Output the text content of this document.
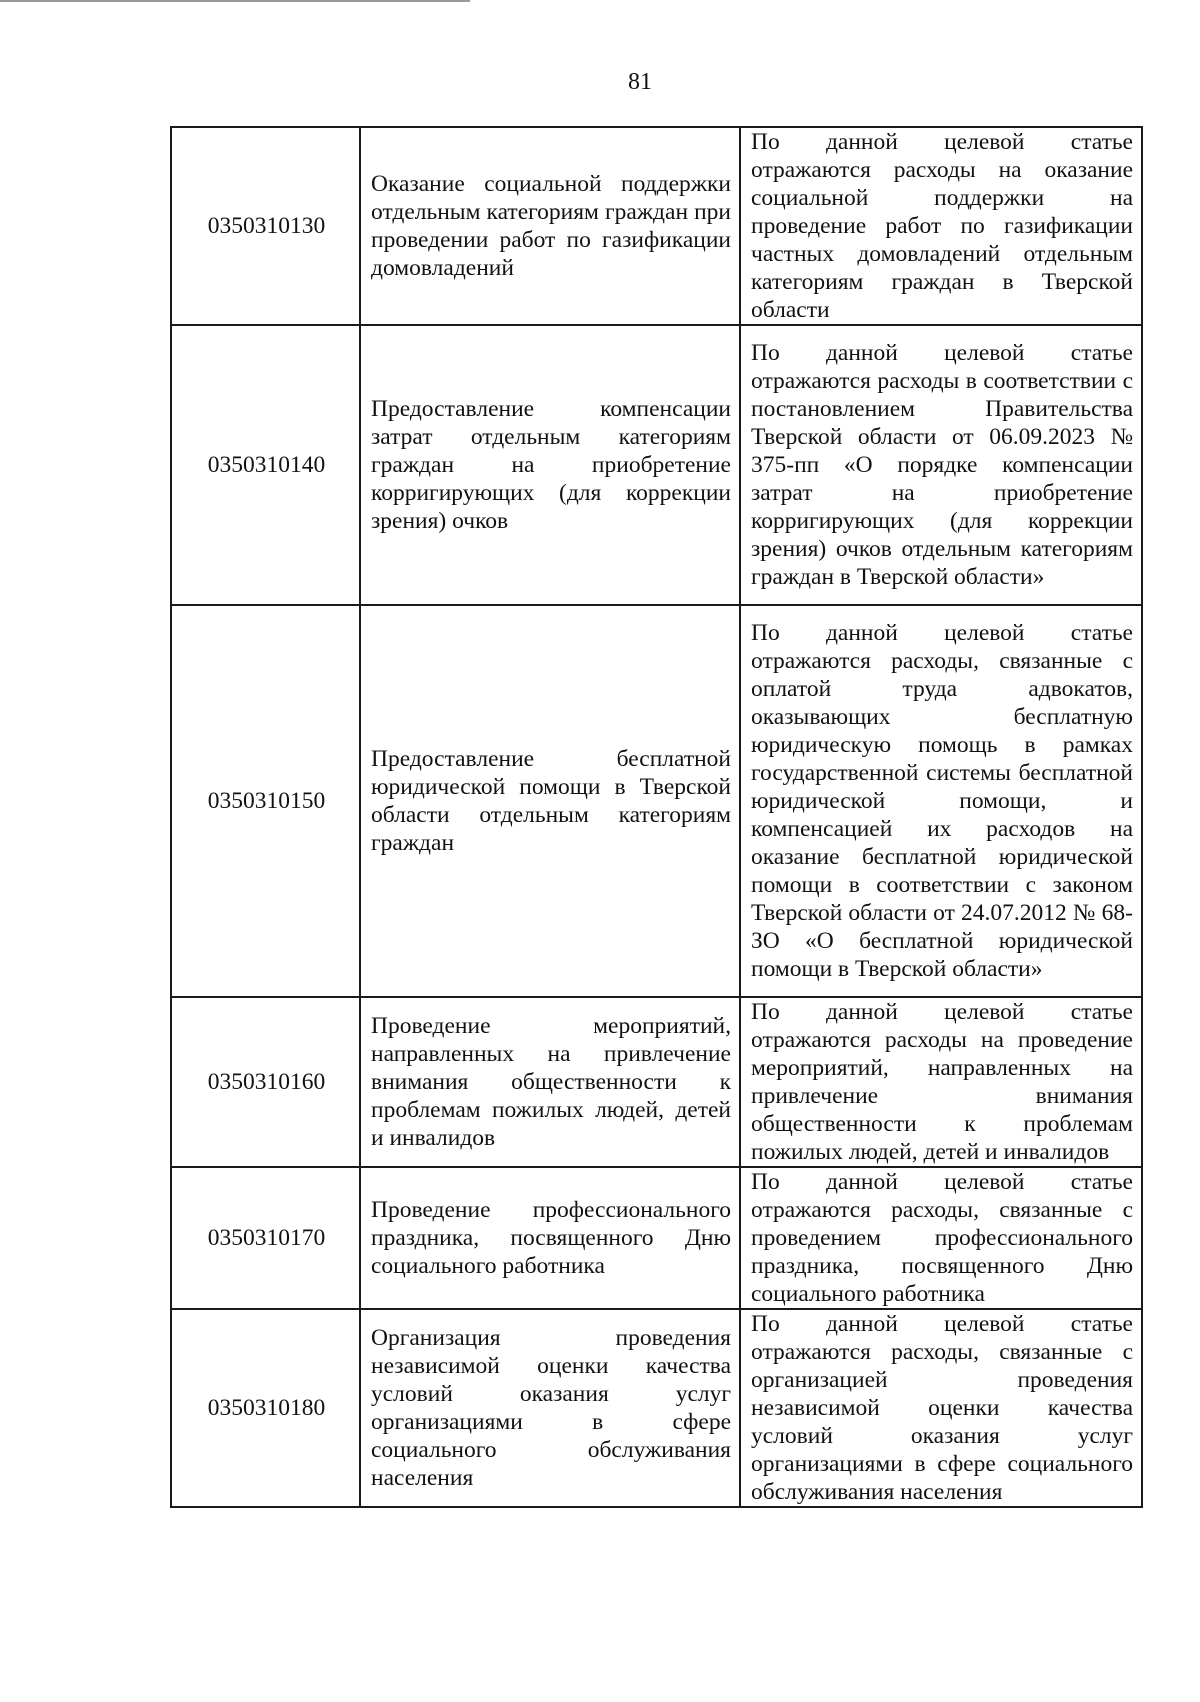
81
0350310130	Оказание социальной поддержки отдельным категориям граждан при проведении работ по газификации домовладений	По данной целевой статье отражаются расходы на оказание социальной поддержки на проведение работ по газификации частных домовладений отдельным категориям граждан в Тверской области
0350310140	Предоставление компенсации затрат отдельным категориям граждан на приобретение корригирующих (для коррекции зрения) очков	По данной целевой статье отражаются расходы в соответствии с постановлением Правительства Тверской области от 06.09.2023 № 375-пп «О порядке компенсации затрат на приобретение корригирующих (для коррекции зрения) очков отдельным категориям граждан в Тверской области»
0350310150	Предоставление бесплатной юридической помощи в Тверской области отдельным категориям граждан	По данной целевой статье отражаются расходы, связанные с оплатой труда адвокатов, оказывающих бесплатную юридическую помощь в рамках государственной системы бесплатной юридической помощи, и компенсацией их расходов на оказание бесплатной юридической помощи в соответствии с законом Тверской области от 24.07.2012 № 68-ЗО «О бесплатной юридической помощи в Тверской области»
0350310160	Проведение мероприятий, направленных на привлечение внимания общественности к проблемам пожилых людей, детей и инвалидов	По данной целевой статье отражаются расходы на проведение мероприятий, направленных на привлечение внимания общественности к проблемам пожилых людей, детей и инвалидов
0350310170	Проведение профессионального праздника, посвященного Дню социального работника	По данной целевой статье отражаются расходы, связанные с проведением профессионального праздника, посвященного Дню социального работника
0350310180	Организация проведения независимой оценки качества условий оказания услуг организациями в сфере социального обслуживания населения	По данной целевой статье отражаются расходы, связанные с организацией проведения независимой оценки качества условий оказания услуг организациями в сфере социального обслуживания населения
